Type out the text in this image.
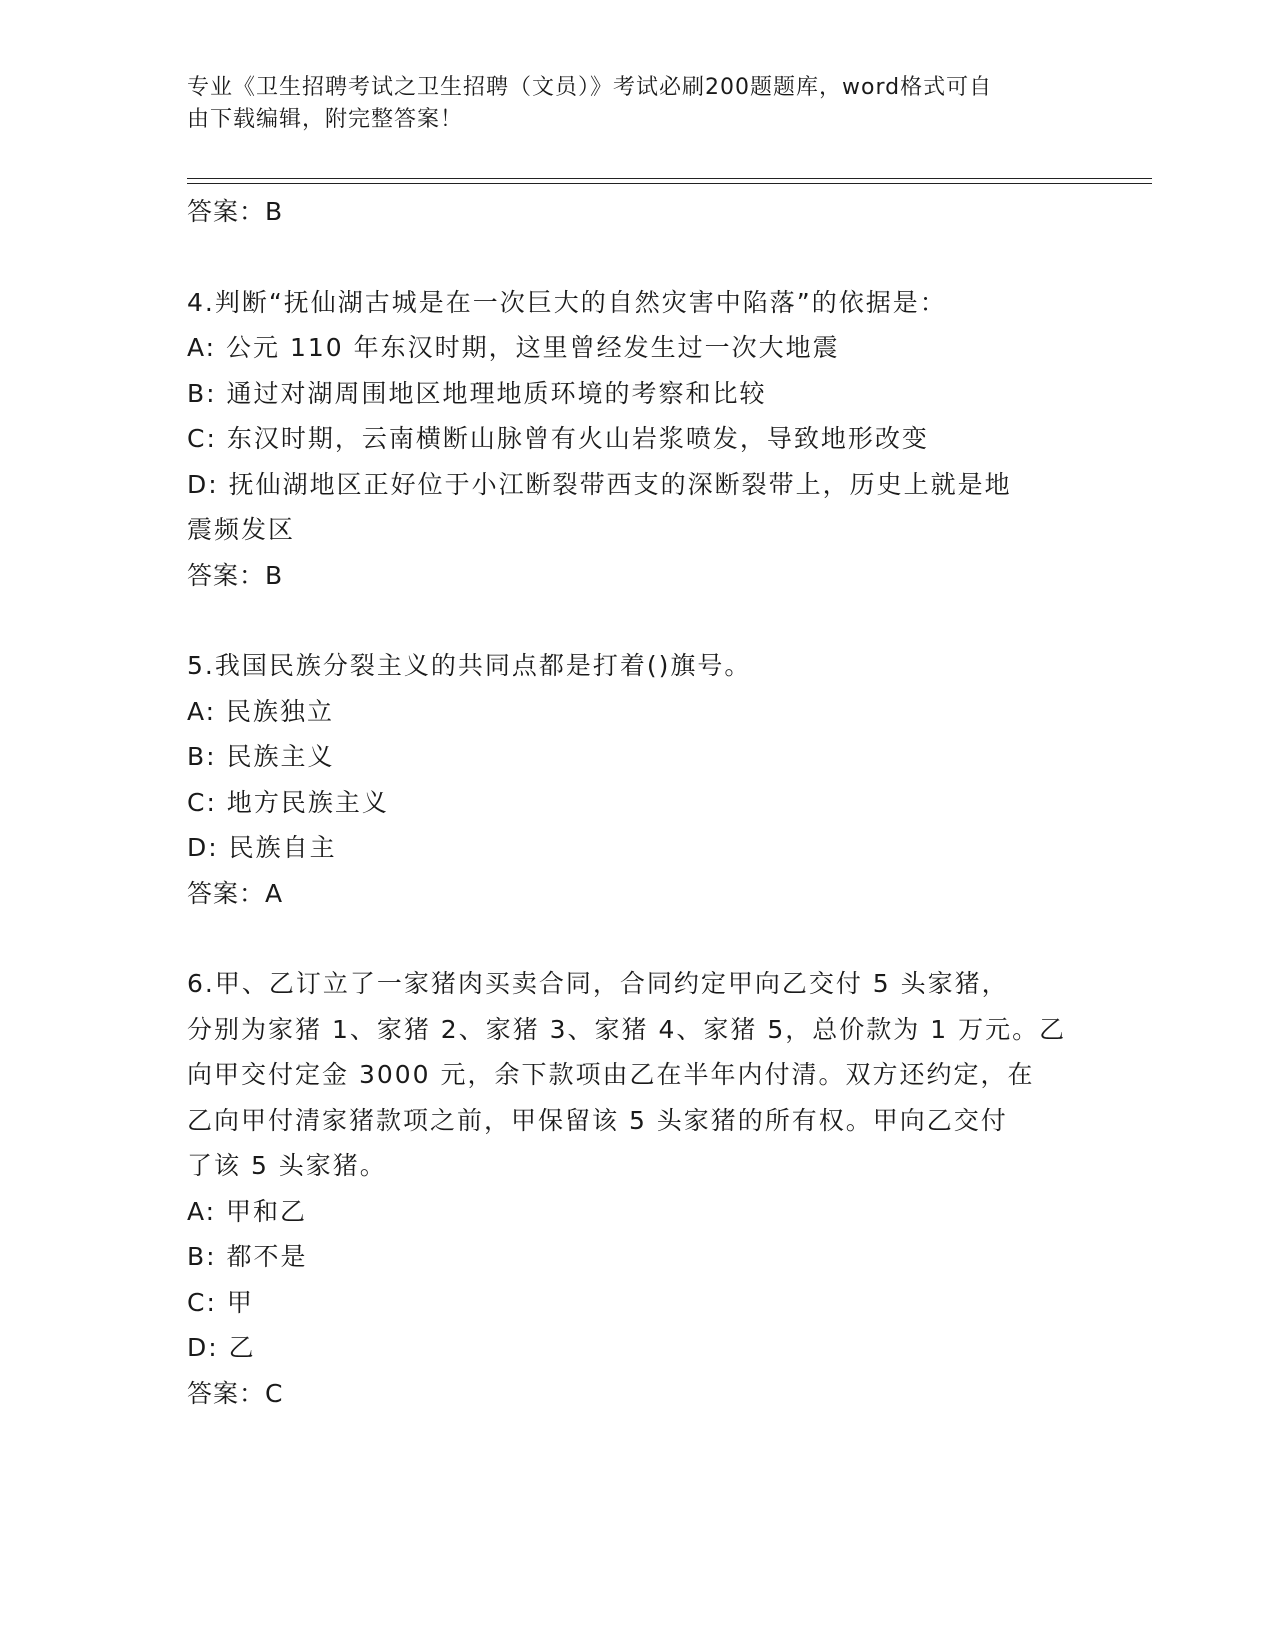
专业《卫生招聘考试之卫生招聘（文员）》考试必刷200题题库，word格式可自
由下载编辑，附完整答案！
答案：B
4.判断“抚仙湖古城是在一次巨大的自然灾害中陷落”的依据是：
A: 公元 110 年东汉时期，这里曾经发生过一次大地震
B: 通过对湖周围地区地理地质环境的考察和比较
C: 东汉时期，云南横断山脉曾有火山岩浆喷发，导致地形改变
D: 抚仙湖地区正好位于小江断裂带西支的深断裂带上，历史上就是地
震频发区
答案：B
5.我国民族分裂主义的共同点都是打着()旗号。
A: 民族独立
B: 民族主义
C: 地方民族主义
D: 民族自主
答案：A
6.甲、乙订立了一家猪肉买卖合同，合同约定甲向乙交付 5 头家猪，
分别为家猪 1、家猪 2、家猪 3、家猪 4、家猪 5，总价款为 1 万元。乙
向甲交付定金 3000 元，余下款项由乙在半年内付清。双方还约定，在
乙向甲付清家猪款项之前，甲保留该 5 头家猪的所有权。甲向乙交付
了该 5 头家猪。
A: 甲和乙
B: 都不是
C: 甲
D: 乙
答案：C
